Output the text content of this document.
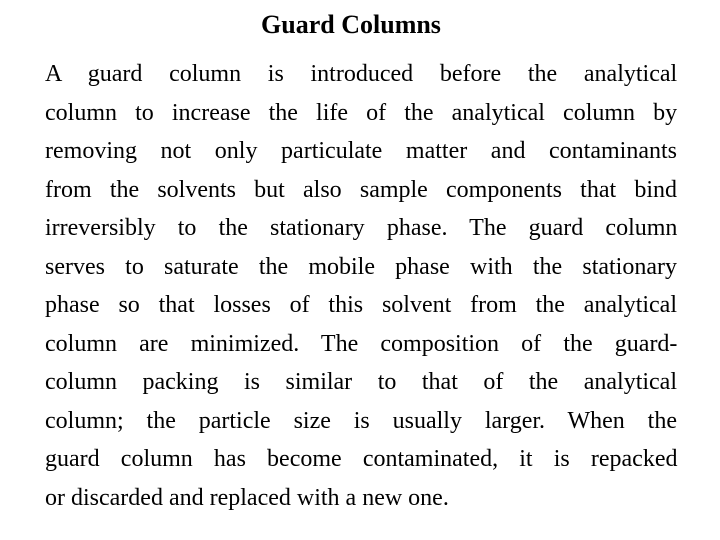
Guard Columns
A guard column is introduced before the analytical
column to increase the life of the analytical column by
removing not only particulate matter and contaminants
from the solvents but also sample components that bind
irreversibly to the stationary phase. The guard column
serves to saturate the mobile phase with the stationary
phase so that losses of this solvent from the analytical
column are minimized. The composition of the guard-
column packing is similar to that of the analytical
column; the particle size is usually larger. When the
guard column has become contaminated, it is repacked
or discarded and replaced with a new one.
